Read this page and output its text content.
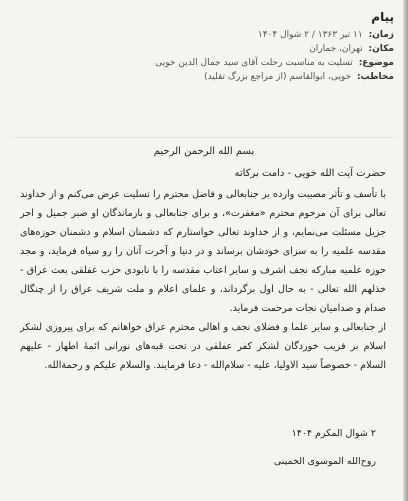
پیام
زمان: ۱۱ تیر ۱۳۶۳ / ۲ شوال ۱۴۰۴
مکان: تهران، جماران
موضوع: تسلیت به مناسبت رحلت آقای سید جمال الدین خویی
مخاطب: خویی، ابوالقاسم (از مراجع بزرگ تقلید)
بسم الله الرحمن الرحیم
حضرت آیت الله خویی - دامت برکاته

با تأسف و تأثر مصیبت وارده بر جنابعالی و فاضل محترم را تسلیت عرض می‌کنم و از خداوند تعالی برای آن مرحوم محترم «مغفرت»، و برای جنابعالی و بازماندگان او صبر جمیل و اجر جزیل مسئلت می‌نمایم، و از خداوند تعالی خواستارم که دشمنان اسلام و دشمنان حوزه‌های مقدسه علمیه را به سزای خودشان برساند و در دنیا و آخرت آنان را رو سیاه فرماید، و مجد حوزه علمیه مبارکه نجف اشرف و سایر اعتاب مقدسه را با نابودی حزب عفلقی بعث عراق - خذلهم الله تعالی - به حال اول برگرداند، و علمای اعلام و ملت شریف عراق را از چنگال صدام و صدامیان نجات مرحمت فرماید.

از جنابعالی و سایر علما و فضلای نجف و اهالی محترم عراق خواهانم که برای پیروزی لشکر اسلام بر فریب خوردگان لشکر کفر عفلقی در تحت قبه‌های نورانی ائمۀ اطهار - علیهم السلام - خصوصاً سید الاولیا، علیه - سلام‌الله - دعا فرمایند. والسلام علیکم و رحمة‌الله.

۲ شوال المکرم ۱۴۰۴
روح‌الله الموسوی الخمینی
